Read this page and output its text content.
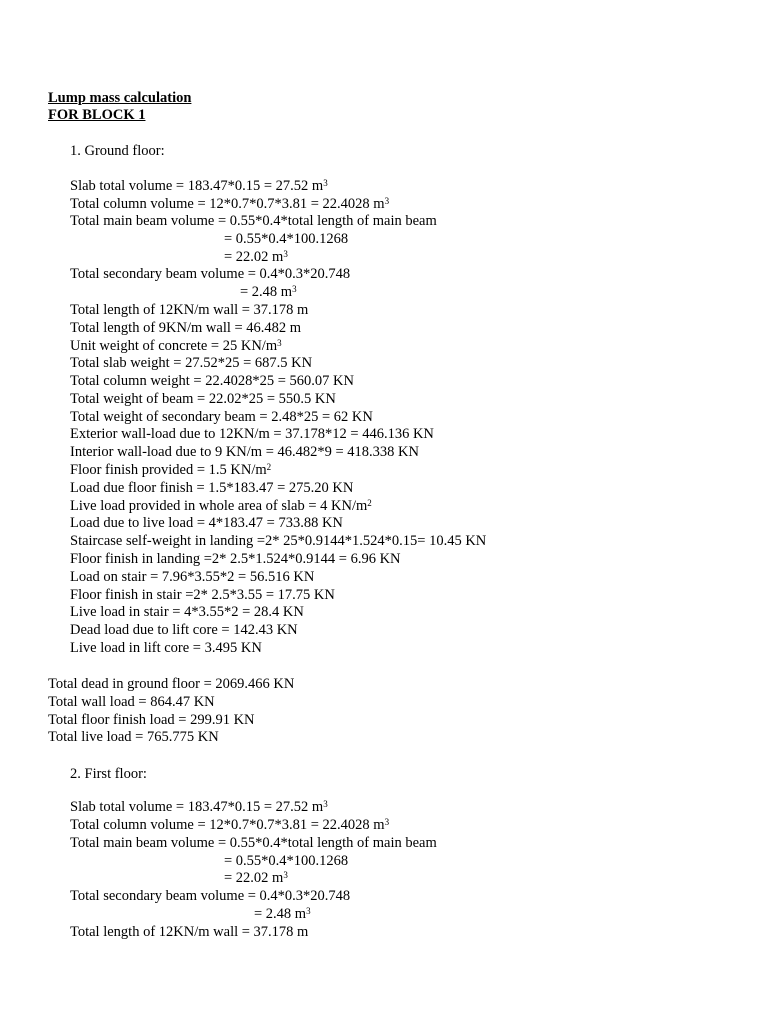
Lump mass calculation
FOR BLOCK 1
1. Ground floor:
Slab total volume = 183.47*0.15 = 27.52 $m^3$
Total column volume = 12*0.7*0.7*3.81 = 22.4028 $m^3$
Total main beam volume = 0.55*0.4*total length of main beam
= 0.55*0.4*100.1268
= 22.02 $m^3$
Total secondary beam volume = 0.4*0.3*20.748
= 2.48 $m^3$
Total length of 12KN/m wall = 37.178 m
Total length of 9KN/m wall = 46.482 m
Unit weight of concrete = 25 $KN/m^3$
Total slab weight = 27.52*25 = 687.5 KN
Total column weight = 22.4028*25 = 560.07 KN
Total weight of beam = 22.02*25 = 550.5 KN
Total weight of secondary beam = 2.48*25 = 62 KN
Exterior wall-load due to 12KN/m = 37.178*12 = 446.136 KN
Interior wall-load due to 9 KN/m = 46.482*9 = 418.338 KN
Floor finish provided = 1.5 $KN/m^2$
Load due floor finish = 1.5*183.47 = 275.20 KN
Live load provided in whole area of slab = 4 $KN/m^2$
Load due to live load = 4*183.47 = 733.88 KN
Staircase self-weight in landing =2* 25*0.9144*1.524*0.15= 10.45 KN
Floor finish in landing =2* 2.5*1.524*0.9144 = 6.96 KN
Load on stair = 7.96*3.55*2 = 56.516 KN
Floor finish in stair =2* 2.5*3.55 = 17.75 KN
Live load in stair = 4*3.55*2 = 28.4 KN
Dead load due to lift core = 142.43 KN
Live load in lift core = 3.495 KN
Total dead in ground floor = 2069.466 KN
Total wall load = 864.47 KN
Total floor finish load = 299.91 KN
Total live load = 765.775 KN
2. First floor:
Slab total volume = 183.47*0.15 = 27.52 $m^3$
Total column volume = 12*0.7*0.7*3.81 = 22.4028 $m^3$
Total main beam volume = 0.55*0.4*total length of main beam
= 0.55*0.4*100.1268
= 22.02 $m^3$
Total secondary beam volume = 0.4*0.3*20.748
= 2.48 $m^3$
Total length of 12KN/m wall = 37.178 m
